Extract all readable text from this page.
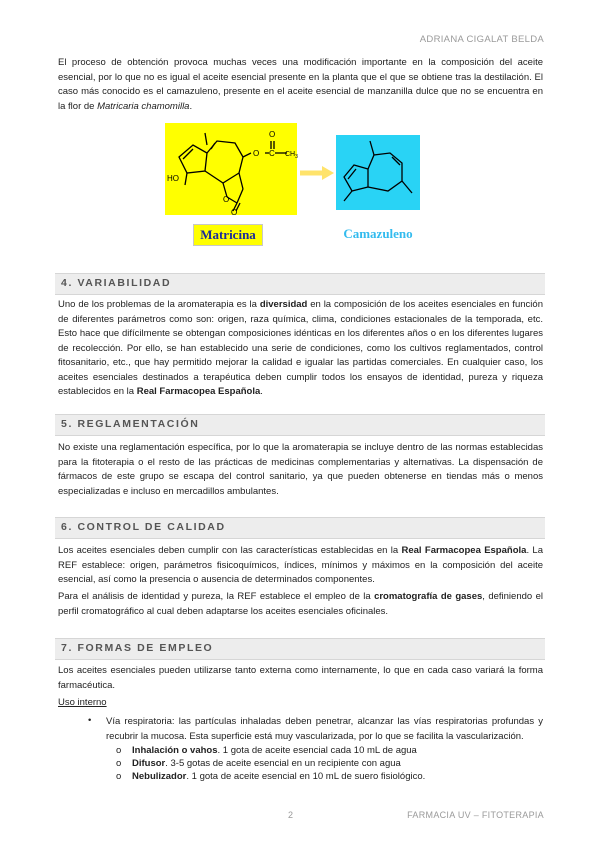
ADRIANA CIGALAT BELDA

El proceso de obtención provoca muchas veces una modificación importante en la composición del aceite esencial, por lo que no es igual el aceite esencial presente en la planta que el que se obtiene tras la destilación. El caso más conocido es el camazuleno, presente en el aceite esencial de manzanilla dulce que no se encuentra en la flor de Matricaria chamomilla.

HO
O
O
C $CH_3$
O
O
Matricina	Camazuleno
4. VARIABILIDAD

Uno de los problemas de la aromaterapia es la diversidad en la composición de los aceites esenciales en función de diferentes parámetros como son: origen, raza química, clima, condiciones estacionales de la temporada, etc. Esto hace que difícilmente se obtengan composiciones idénticas en los diferentes años o en los diferentes lugares de recolección. Por ello, se han establecido una serie de condiciones, como los cultivos reglamentados, control fitosanitario, etc., que hay permitido mejorar la calidad e igualar las partidas comerciales. En cualquier caso, los aceites esenciales destinados a terapéutica deben cumplir todos los ensayos de identidad, pureza y riqueza establecidos en la Real Farmacopea Española.

5. REGLAMENTACIÓN

No existe una reglamentación específica, por lo que la aromaterapia se incluye dentro de las normas establecidas para la fitoterapia o el resto de las prácticas de medicinas complementarias y alternativas. La dispensación de fármacos de este grupo se escapa del control sanitario, ya que pueden obtenerse en tiendas más o menos especializadas e incluso en mercadillos ambulantes.

6. CONTROL DE CALIDAD

Los aceites esenciales deben cumplir con las características establecidas en la Real Farmacopea Española. La REF establece: origen, parámetros fisicoquímicos, índices, mínimos y máximos en la composición del aceite esencial, así como la presencia o ausencia de determinados componentes.

Para el análisis de identidad y pureza, la REF establece el empleo de la cromatografía de gases, definiendo el perfil cromatográfico al cual deben adaptarse los aceites esenciales oficinales.

7. FORMAS DE EMPLEO

Los aceites esenciales pueden utilizarse tanto externa como internamente, lo que en cada caso variará la forma farmacéutica.

Uso interno
• Vía respiratoria: las partículas inhaladas deben penetrar, alcanzar las vías respiratorias profundas y recubrir la mucosa. Esta superficie está muy vascularizada, por lo que se facilita la vascularización.

o Inhalación o vahos. 1 gota de aceite esencial cada 10 mL de agua
o Difusor. 3-5 gotas de aceite esencial en un recipiente con agua
o Nebulizador. 1 gota de aceite esencial en 10 mL de suero fisiológico.
2	FARMACIA UV – FITOTERAPIA
